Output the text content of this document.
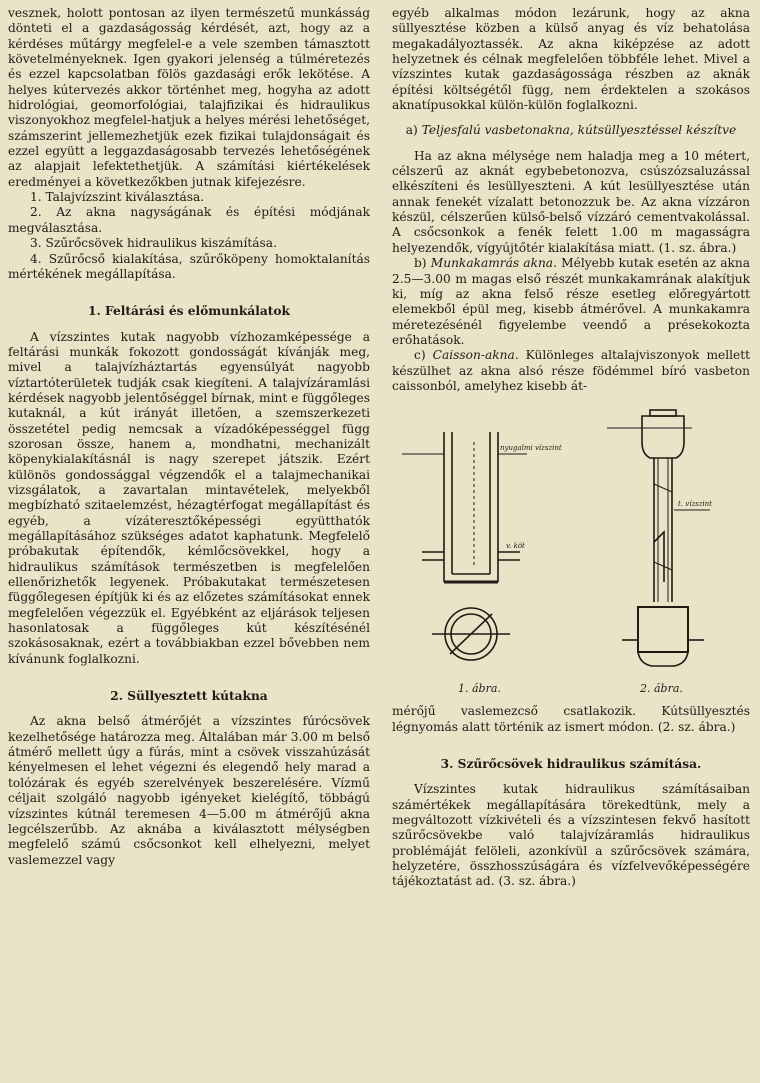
vesznek, holott pontosan az ilyen természetű munkásság dönteti el a gazdaságosság kérdését, azt, hogy az a kérdéses műtárgy megfelel-e a vele szemben támasztott követelményeknek. Igen gyakori jelenség a túlméretezés és ezzel kapcsolatban fölös gazdasági erők lekötése. A helyes kútervezés akkor történhet meg, hogyha az adott hidrológiai, geomorfológiai, talajfizikai és hidraulikus viszonyokhoz megfelel-hatjuk a helyes mérési lehetőséget, számszerint jellemezhetjük ezek fizikai tulajdonságait és ezzel együtt a leggazdaságosabb tervezés lehetőségének az alapjait lefektethetjük. A számítási kiértékelések eredményei a következőkben jutnak kifejezésre.

1. Talajvízszint kiválasztása.

2. Az akna nagyságának és építési módjának megválasztása.

3. Szűrőcsövek hidraulikus kiszámítása.

4. Szűrőcső kialakítása, szűrőköpeny homoktalanítás mértékének megállapítása.

1. Feltárási és előmunkálatok

A vízszintes kutak nagyobb vízhozamképessége a feltárási munkák fokozott gondosságát kívánják meg, mivel a talajvízháztartás egyensúlyát nagyobb víztartóterületek tudják csak kiegíteni. A talajvízáramlási kérdések nagyobb jelentőséggel bírnak, mint e függőleges kutaknál, a kút irányát illetően, a szemszerkezeti összetétel pedig nemcsak a vízadóképességgel függ szorosan össze, hanem a, mondhatni, mechanizált köpenykialakításnál is nagy szerepet játszik. Ezért különös gondossággal végzendők el a talajmechanikai vizsgálatok, a zavartalan mintavételek, melyekből megbízható szitaelemzést, hézagtérfogat megállapítást és egyéb, a vízáteresztőképességi együtthatók megállapításához szükséges adatot kaphatunk. Megfelelő próbakutak építendők, kémlőcsövekkel, hogy a hidraulikus számítások természetben is megfelelően ellenőrizhetők legyenek. Próbakutakat természetesen függőlegesen építjük ki és az előzetes számításokat ennek megfelelően végezzük el. Egyébként az eljárások teljesen hasonlatosak a függőleges kút készítésénél szokásosaknak, ezért a továbbiakban ezzel bővebben nem kívánunk foglalkozni.

2. Süllyesztett kútakna

Az akna belső átmérőjét a vízszintes fúrócsövek kezelhetősége határozza meg. Általában már 3.00 m belső átmérő mellett úgy a fúrás, mint a csövek visszahúzását kényelmesen el lehet végezni és elegendő hely marad a tolózárak és egyéb szerelvények beszerelésére. Vízmű céljait szolgáló nagyobb igényeket kielégítő, többágú vízszintes kútnál teremesen 4—5.00 m átmérőjű akna legcélszerűbb. Az aknába a kiválasztott mélységben megfelelő számú csőcsonkot kell elhelyezni, melyet vaslemezzel vagy

egyéb alkalmas módon lezárunk, hogy az akna süllyesztése közben a külső anyag és víz behatolása megakadályoztassék. Az akna kiképzése az adott helyzetnek és célnak megfelelően többféle lehet. Mivel a vízszintes kutak gazdaságossága részben az aknák építési költségétől függ, nem érdektelen a szokásos aknatípusokkal külön-külön foglalkozni.

a) Teljesfalú vasbetonakna, kútsüllyesztéssel készítve

Ha az akna mélysége nem haladja meg a 10 métert, célszerű az aknát egybebetonozva, csúszózsaluzással elkészíteni és lesüllyeszteni. A kút lesüllyesztése után annak fenekét vízalatt betonozzuk be. Az akna vízzáron készül, célszerűen külső-belső vízzáró cementvakolással. A csőcsonkok a fenék felett 1.00 m magasságra helyezendők, vígyújtőtér kialakítása miatt. (1. sz. ábra.)

b) Munkakamrás akna. Mélyebb kutak esetén az akna 2.5—3.00 m magas első részét munkakamrának alakítjuk ki, míg az akna felső része esetleg előregyártott elemekből épül meg, kisebb átmérővel. A munkakamra méretezésénél figyelembe veendő a présekokozta erőhatások.

c) Caisson-akna. Különleges altalajviszonyok mellett készülhet az akna alsó része födémmel bíró vasbeton caissonból, amelyhez kisebb át-

nyugalmi vízszint
v. köt
1. ábra.
t. vízszint
2. ábra.

mérőjű vaslemezcső csatlakozik. Kútsüllyesztés légnyomás alatt történik az ismert módon. (2. sz. ábra.)

3. Szűrőcsövek hidraulikus számítása.

Vízszintes kutak hidraulikus számításaiban számértékek megállapítására törekedtünk, mely a megváltozott vízkivételi és a vízszintesen fekvő hasított szűrőcsövekbe való talajvízáramlás hidraulikus problémáját felöleli, azonkívül a szűrőcsövek számára, helyzetére, összhosszúságára és vízfelvevőképességére tájékoztatást ad. (3. sz. ábra.)
